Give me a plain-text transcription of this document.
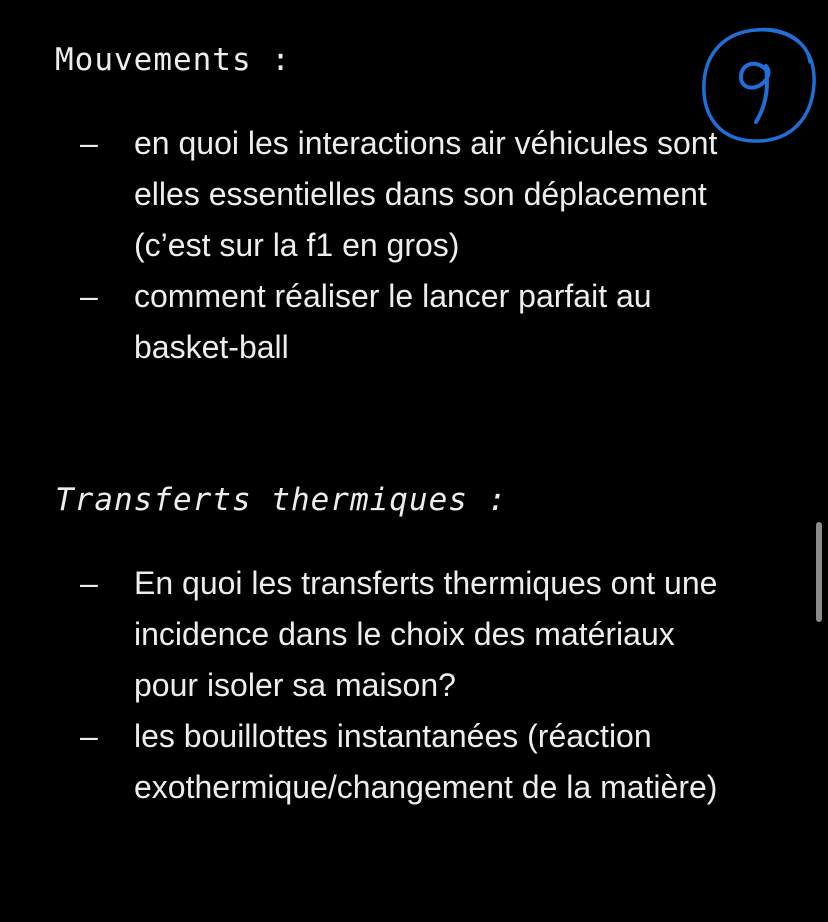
Mouvements :
– en quoi les interactions air véhicules sont elles essentielles dans son déplacement (c’est sur la f1 en gros)
– comment réaliser le lancer parfait au basket-ball
Transferts thermiques :
– En quoi les transferts thermiques ont une incidence dans le choix des matériaux pour isoler sa maison?
– les bouillottes instantanées (réaction exothermique/changement de la matière)
